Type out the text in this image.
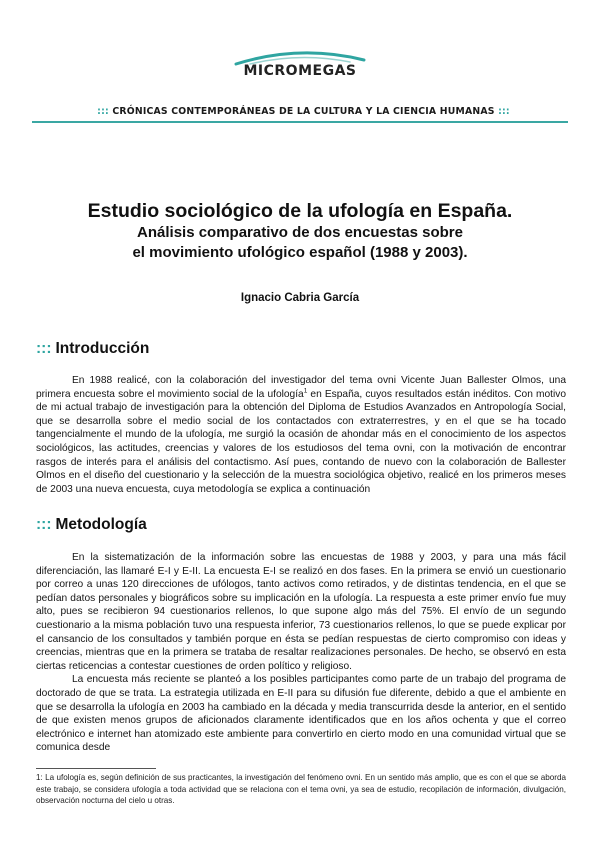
MICROMEGAS
::: CRÓNICAS CONTEMPORÁNEAS DE LA CULTURA Y LA CIENCIA HUMANAS :::
Estudio sociológico de la ufología en España.
Análisis comparativo de dos encuestas sobre
el movimiento ufológico español (1988 y 2003).
Ignacio Cabria García
::: Introducción

En 1988 realicé, con la colaboración del investigador del tema ovni Vicente Juan Ballester Olmos, una primera encuesta sobre el movimiento social de la ufología$^1$ en España, cuyos resultados están inéditos. Con motivo de mi actual trabajo de investigación para la obtención del Diploma de Estudios Avanzados en Antropología Social, que se desarrolla sobre el medio social de los contactados con extraterrestres, y en el que se ha tocado tangencialmente el mundo de la ufología, me surgió la ocasión de ahondar más en el conocimiento de los aspectos sociológicos, las actitudes, creencias y valores de los estudiosos del tema ovni, con la motivación de encontrar rasgos de interés para el análisis del contactismo. Así pues, contando de nuevo con la colaboración de Ballester Olmos en el diseño del cuestionario y la selección de la muestra sociológica objetivo, realicé en los primeros meses de 2003 una nueva encuesta, cuya metodología se explica a continuación

::: Metodología

En la sistematización de la información sobre las encuestas de 1988 y 2003, y para una más fácil diferenciación, las llamaré E-I y E-II. La encuesta E-I se realizó en dos fases. En la primera se envió un cuestionario por correo a unas 120 direcciones de ufólogos, tanto activos como retirados, y de distintas tendencia, en el que se pedían datos personales y biográficos sobre su implicación en la ufología. La respuesta a este primer envío fue muy alto, pues se recibieron 94 cuestionarios rellenos, lo que supone algo más del 75%. El envío de un segundo cuestionario a la misma población tuvo una respuesta inferior, 73 cuestionarios rellenos, lo que se puede explicar por el cansancio de los consultados y también porque en ésta se pedían respuestas de cierto compromiso con ideas y creencias, mientras que en la primera se trataba de resaltar realizaciones personales. De hecho, se observó en esta ciertas reticencias a contestar cuestiones de orden político y religioso.

La encuesta más reciente se planteó a los posibles participantes como parte de un trabajo del programa de doctorado de que se trata. La estrategia utilizada en E-II para su difusión fue diferente, debido a que el ambiente en que se desarrolla la ufología en 2003 ha cambiado en la década y media transcurrida desde la anterior, en el sentido de que existen menos grupos de aficionados claramente identificados que en los años ochenta y que el correo electrónico e internet han atomizado este ambiente para convertirlo en cierto modo en una comunidad virtual que se comunica desde

1: La ufología es, según definición de sus practicantes, la investigación del fenómeno ovni. En un sentido más amplio, que es con el que se aborda este trabajo, se considera ufología a toda actividad que se relaciona con el tema ovni, ya sea de estudio, recopilación de información, divulgación, observación nocturna del cielo u otras.
